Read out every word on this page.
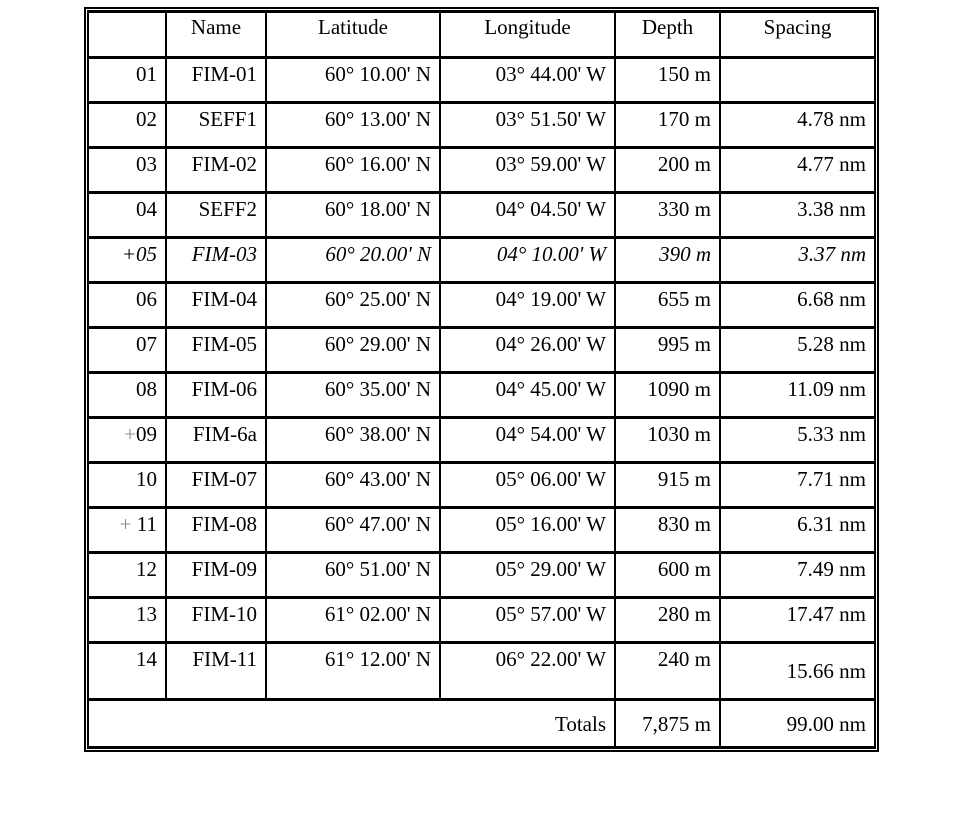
	Name	Latitude	Longitude	Depth	Spacing
01	FIM-01	60° 10.00' N	03° 44.00' W	150 m	
02	SEFF1	60° 13.00' N	03° 51.50' W	170 m	4.78 nm
03	FIM-02	60° 16.00' N	03° 59.00' W	200 m	4.77 nm
04	SEFF2	60° 18.00' N	04° 04.50' W	330 m	3.38 nm
+05	FIM-03	60° 20.00' N	04° 10.00' W	390 m	3.37 nm
06	FIM-04	60° 25.00' N	04° 19.00' W	655 m	6.68 nm
07	FIM-05	60° 29.00' N	04° 26.00' W	995 m	5.28 nm
08	FIM-06	60° 35.00' N	04° 45.00' W	1090 m	11.09 nm
+09	FIM-6a	60° 38.00' N	04° 54.00' W	1030 m	5.33 nm
10	FIM-07	60° 43.00' N	05° 06.00' W	915 m	7.71 nm
+ 11	FIM-08	60° 47.00' N	05° 16.00' W	830 m	6.31 nm
12	FIM-09	60° 51.00' N	05° 29.00' W	600 m	7.49 nm
13	FIM-10	61° 02.00' N	05° 57.00' W	280 m	17.47 nm
14	FIM-11	61° 12.00' N	06° 22.00' W	240 m	15.66 nm
Totals				7,875 m	99.00 nm
